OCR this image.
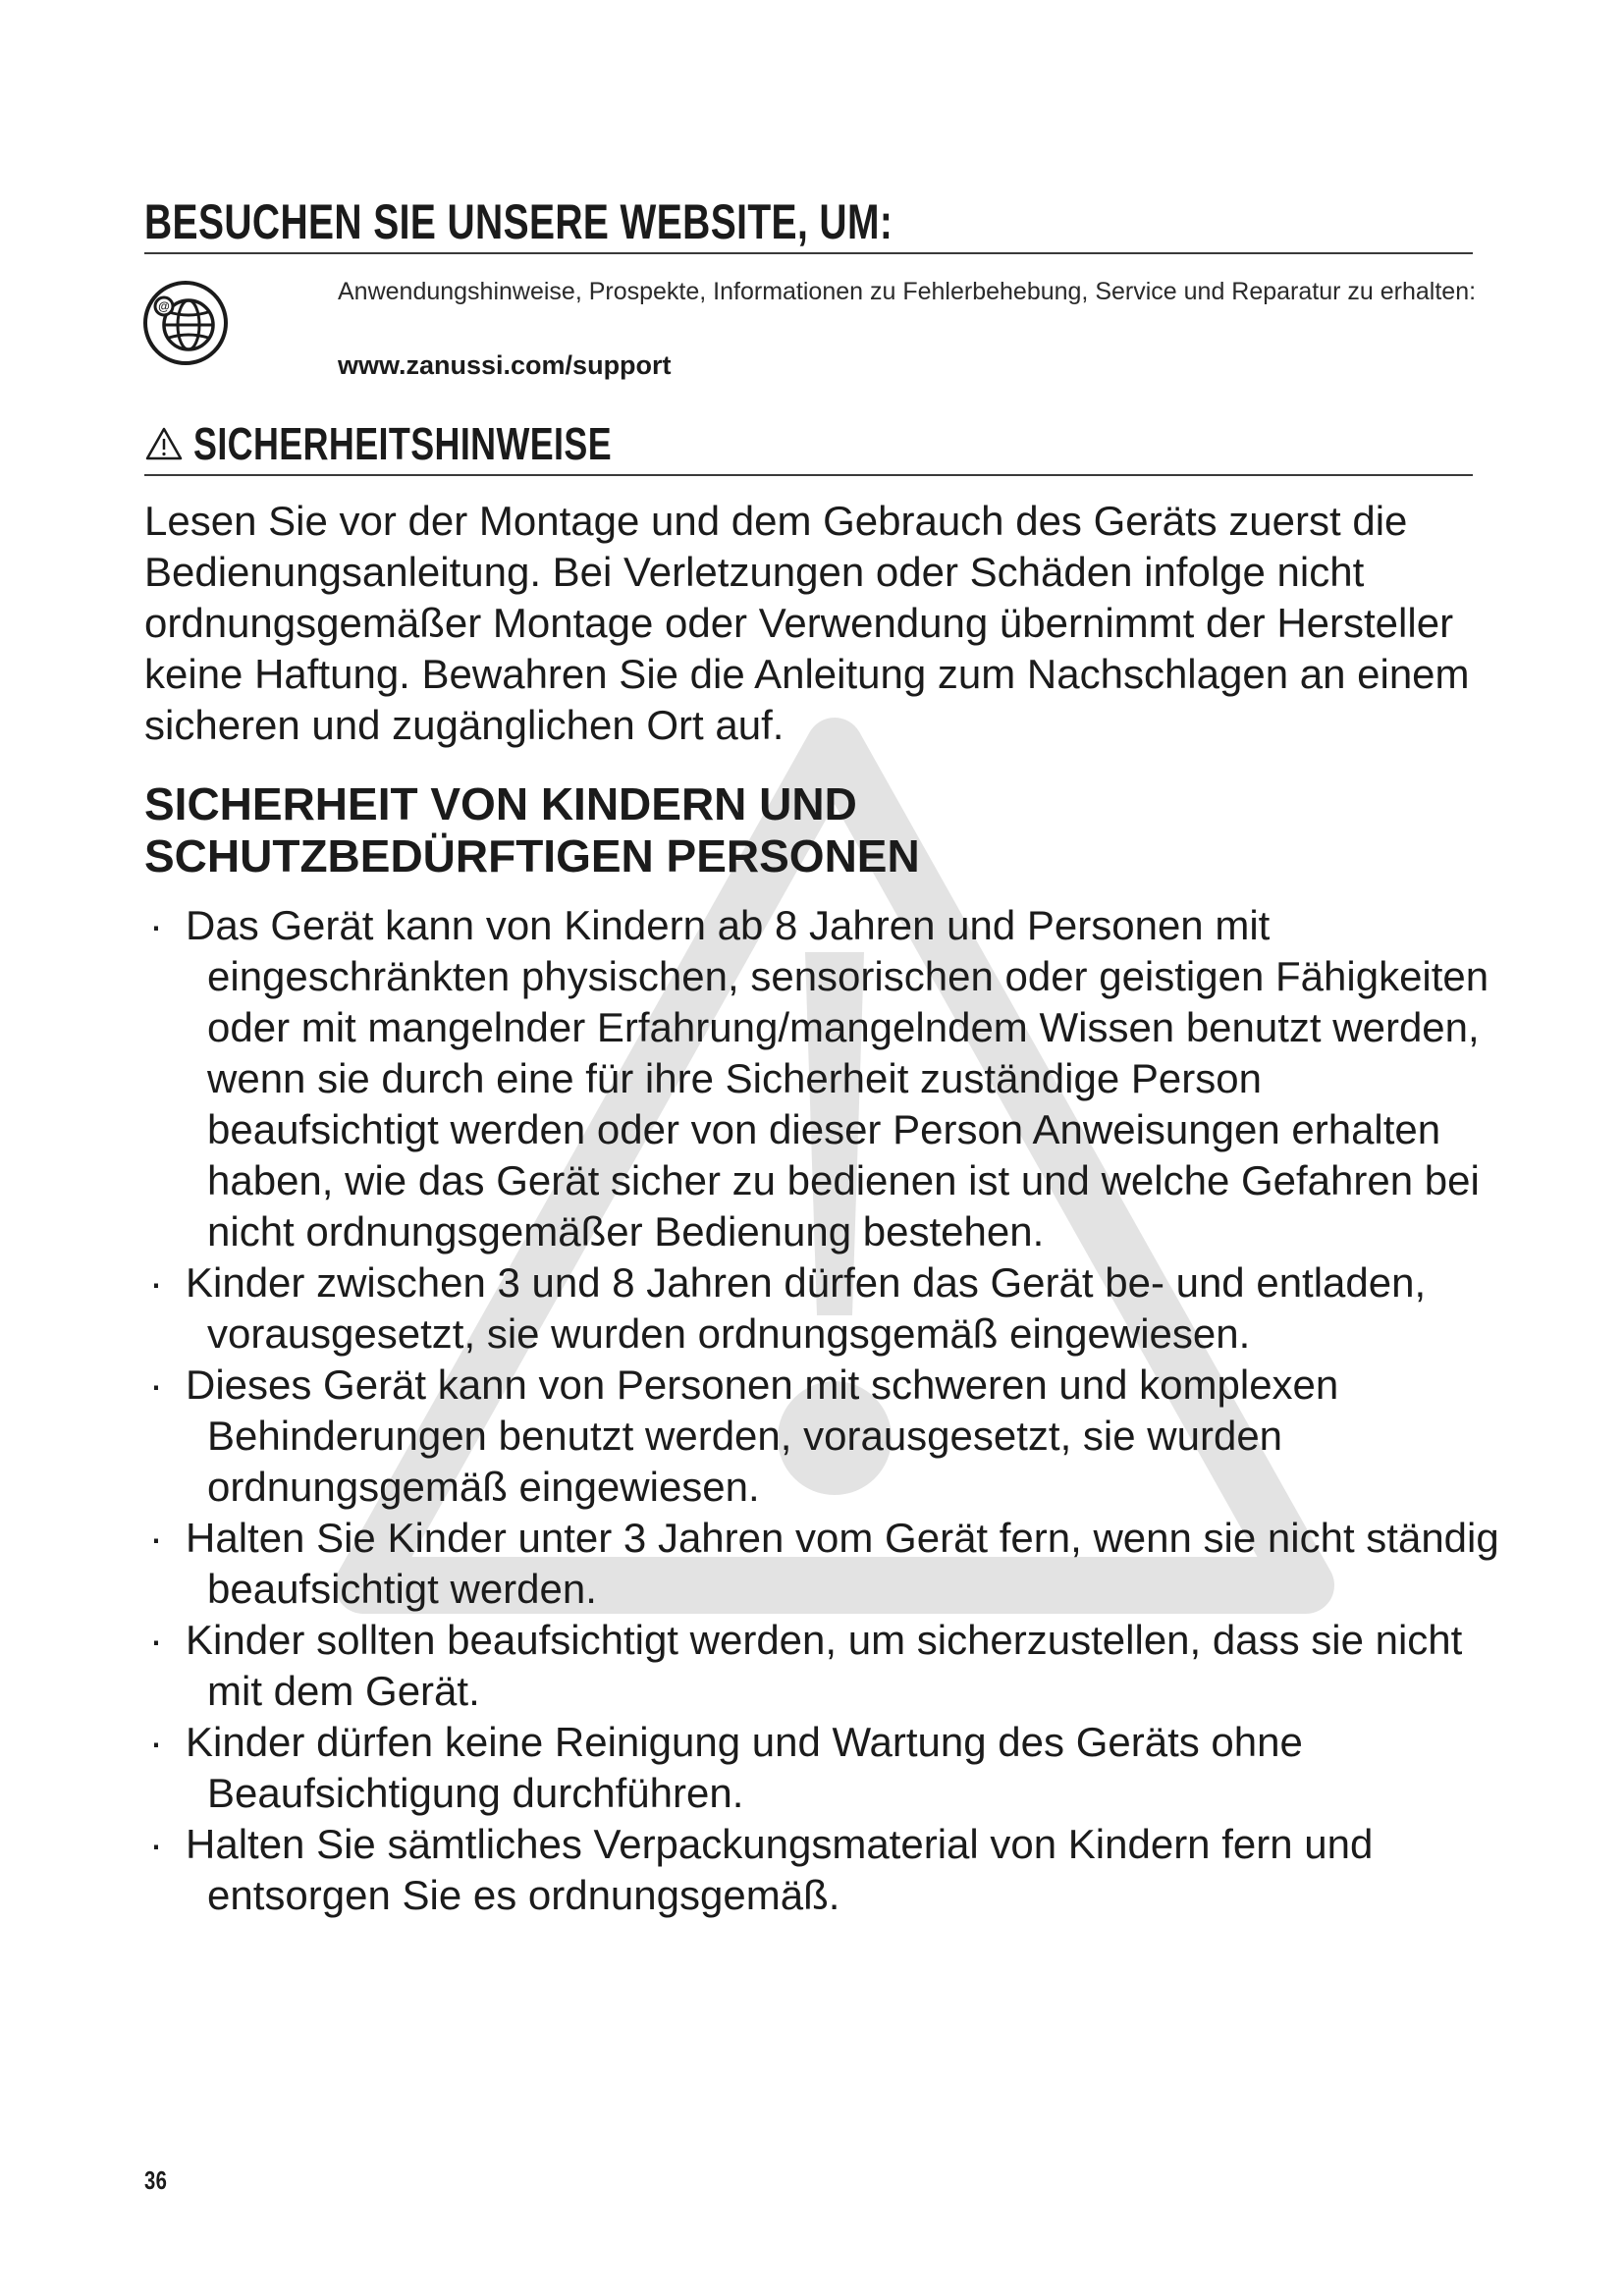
BESUCHEN SIE UNSERE WEBSITE, UM:
@
Anwendungshinweise, Prospekte, Informationen zu Fehlerbehebung, Service und Reparatur zu erhalten:
www.zanussi.com/support
SICHERHEITSHINWEISE

Lesen Sie vor der Montage und dem Gebrauch des Geräts zuerst die Bedienungsanleitung. Bei Verletzungen oder Schäden infolge nicht ordnungsgemäßer Montage oder Verwendung übernimmt der Hersteller keine Haftung. Bewahren Sie die Anleitung zum Nachschlagen an einem sicheren und zugänglichen Ort auf.

SICHERHEIT VON KINDERN UND
SCHUTZBEDÜRFTIGEN PERSONEN
· Das Gerät kann von Kindern ab 8 Jahren und Personen mit eingeschränkten physischen, sensorischen oder geistigen Fähigkeiten oder mit mangelnder Erfahrung/mangelndem Wissen benutzt werden, wenn sie durch eine für ihre Sicherheit zuständige Person beaufsichtigt werden oder von dieser Person Anweisungen erhalten haben, wie das Gerät sicher zu bedienen ist und welche Gefahren bei nicht ordnungsgemäßer Bedienung bestehen.
· Kinder zwischen 3 und 8 Jahren dürfen das Gerät be- und entladen, vorausgesetzt, sie wurden ordnungsgemäß eingewiesen.
· Dieses Gerät kann von Personen mit schweren und komplexen Behinderungen benutzt werden, vorausgesetzt, sie wurden ordnungsgemäß eingewiesen.
· Halten Sie Kinder unter 3 Jahren vom Gerät fern, wenn sie nicht ständig beaufsichtigt werden.
· Kinder sollten beaufsichtigt werden, um sicherzustellen, dass sie nicht mit dem Gerät.
· Kinder dürfen keine Reinigung und Wartung des Geräts ohne Beaufsichtigung durchführen.
· Halten Sie sämtliches Verpackungsmaterial von Kindern fern und entsorgen Sie es ordnungsgemäß.
36
